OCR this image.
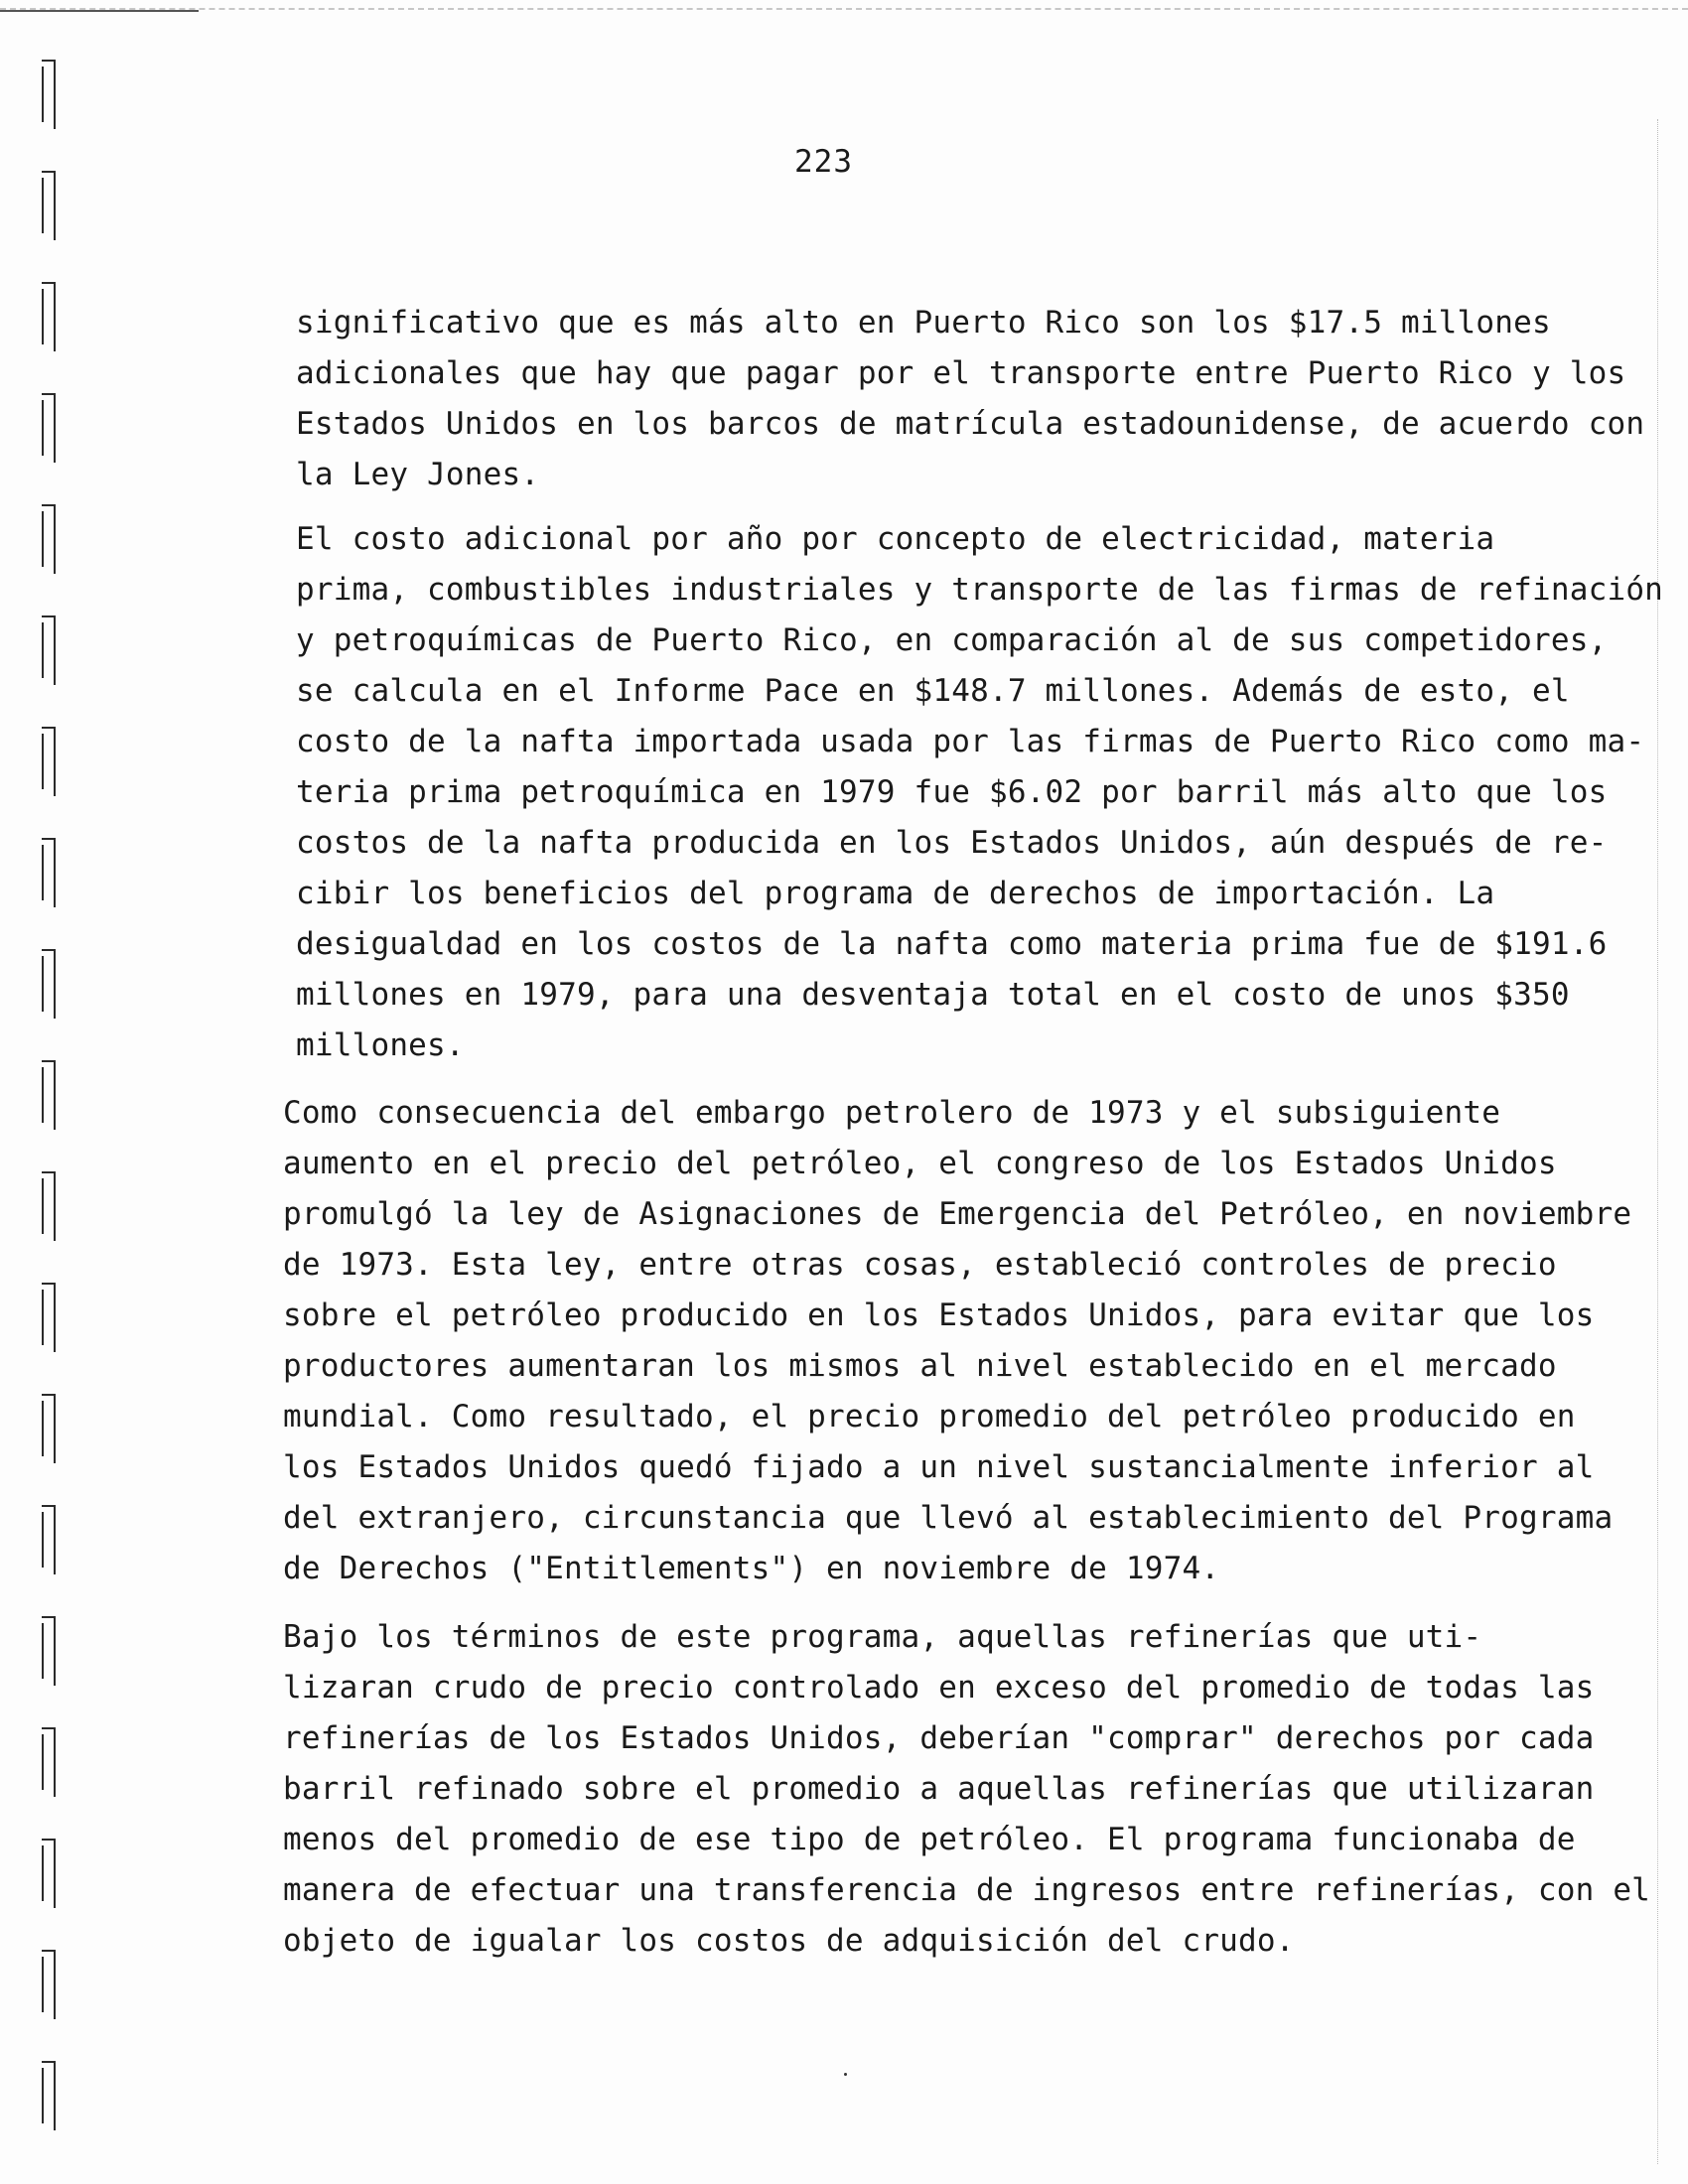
223
significativo que es más alto en Puerto Rico son los $17.5 millones
adicionales que hay que pagar por el transporte entre Puerto Rico y los
Estados Unidos en los barcos de matrícula estadounidense, de acuerdo con
la Ley Jones.
El costo adicional por año por concepto de electricidad, materia
prima, combustibles industriales y transporte de las firmas de refinación
y petroquímicas de Puerto Rico, en comparación al de sus competidores,
se calcula en el Informe Pace en $148.7 millones. Además de esto, el
costo de la nafta importada usada por las firmas de Puerto Rico como ma-
teria prima petroquímica en 1979 fue $6.02 por barril más alto que los
costos de la nafta producida en los Estados Unidos, aún después de re-
cibir los beneficios del programa de derechos de importación. La
desigualdad en los costos de la nafta como materia prima fue de $191.6
millones en 1979, para una desventaja total en el costo de unos $350
millones.
Como consecuencia del embargo petrolero de 1973 y el subsiguiente
aumento en el precio del petróleo, el congreso de los Estados Unidos
promulgó la ley de Asignaciones de Emergencia del Petróleo, en noviembre
de 1973. Esta ley, entre otras cosas, estableció controles de precio
sobre el petróleo producido en los Estados Unidos, para evitar que los
productores aumentaran los mismos al nivel establecido en el mercado
mundial. Como resultado, el precio promedio del petróleo producido en
los Estados Unidos quedó fijado a un nivel sustancialmente inferior al
del extranjero, circunstancia que llevó al establecimiento del Programa
de Derechos ("Entitlements") en noviembre de 1974.
Bajo los términos de este programa, aquellas refinerías que uti-
lizaran crudo de precio controlado en exceso del promedio de todas las
refinerías de los Estados Unidos, deberían "comprar" derechos por cada
barril refinado sobre el promedio a aquellas refinerías que utilizaran
menos del promedio de ese tipo de petróleo. El programa funcionaba de
manera de efectuar una transferencia de ingresos entre refinerías, con el
objeto de igualar los costos de adquisición del crudo.
